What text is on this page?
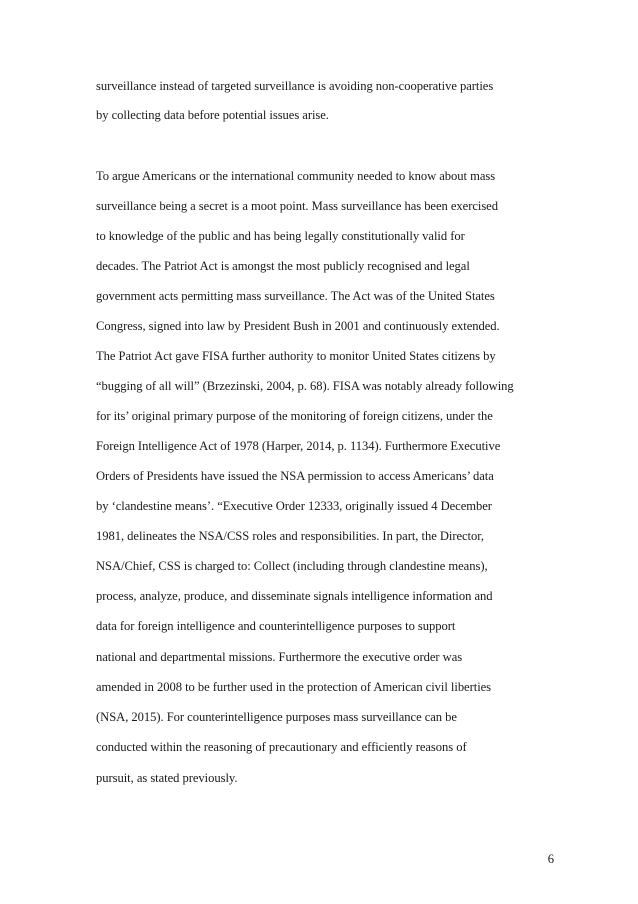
surveillance instead of targeted surveillance is avoiding non-cooperative parties
by collecting data before potential issues arise.
To argue Americans or the international community needed to know about mass
surveillance being a secret is a moot point. Mass surveillance has been exercised
to knowledge of the public and has being legally constitutionally valid for
decades. The Patriot Act is amongst the most publicly recognised and legal
government acts permitting mass surveillance. The Act was of the United States
Congress, signed into law by President Bush in 2001 and continuously extended.
The Patriot Act gave FISA further authority to monitor United States citizens by
“bugging of all will” (Brzezinski, 2004, p. 68). FISA was notably already following
for its’ original primary purpose of the monitoring of foreign citizens, under the
Foreign Intelligence Act of 1978 (Harper, 2014, p. 1134). Furthermore Executive
Orders of Presidents have issued the NSA permission to access Americans’ data
by ‘clandestine means’. “Executive Order 12333, originally issued 4 December
1981, delineates the NSA/CSS roles and responsibilities. In part, the Director,
NSA/Chief, CSS is charged to: Collect (including through clandestine means),
process, analyze, produce, and disseminate signals intelligence information and
data for foreign intelligence and counterintelligence purposes to support
national and departmental missions. Furthermore the executive order was
amended in 2008 to be further used in the protection of American civil liberties
(NSA, 2015). For counterintelligence purposes mass surveillance can be
conducted within the reasoning of precautionary and efficiently reasons of
pursuit, as stated previously.
6
